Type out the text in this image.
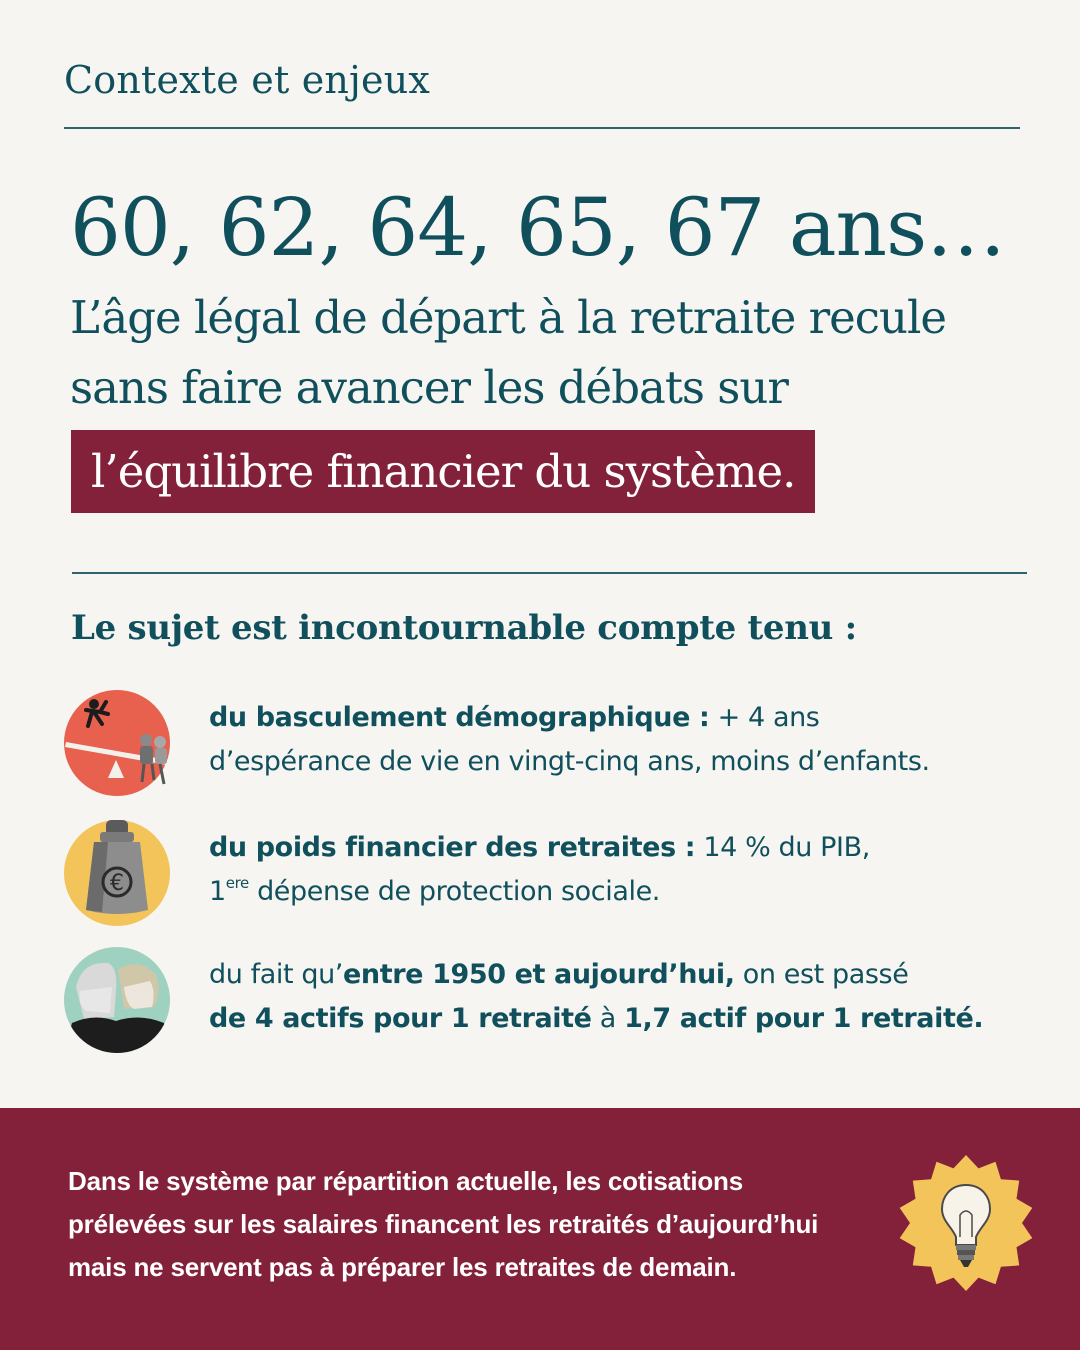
Contexte et enjeux
60, 62, 64, 65, 67 ans…
L’âge légal de départ à la retraite recule
sans faire avancer les débats sur
l’équilibre financier du système.
Le sujet est incontournable compte tenu :
du basculement démographique : + 4 ans
d’espérance de vie en vingt-cinq ans, moins d’enfants.
€
du poids financier des retraites : 14 % du PIB,
1ere dépense de protection sociale.
du fait qu’entre 1950 et aujourd’hui, on est passé
de 4 actifs pour 1 retraité à 1,7 actif pour 1 retraité.
Dans le système par répartition actuelle, les cotisations
prélevées sur les salaires financent les retraités d’aujourd’hui
mais ne servent pas à préparer les retraites de demain.
